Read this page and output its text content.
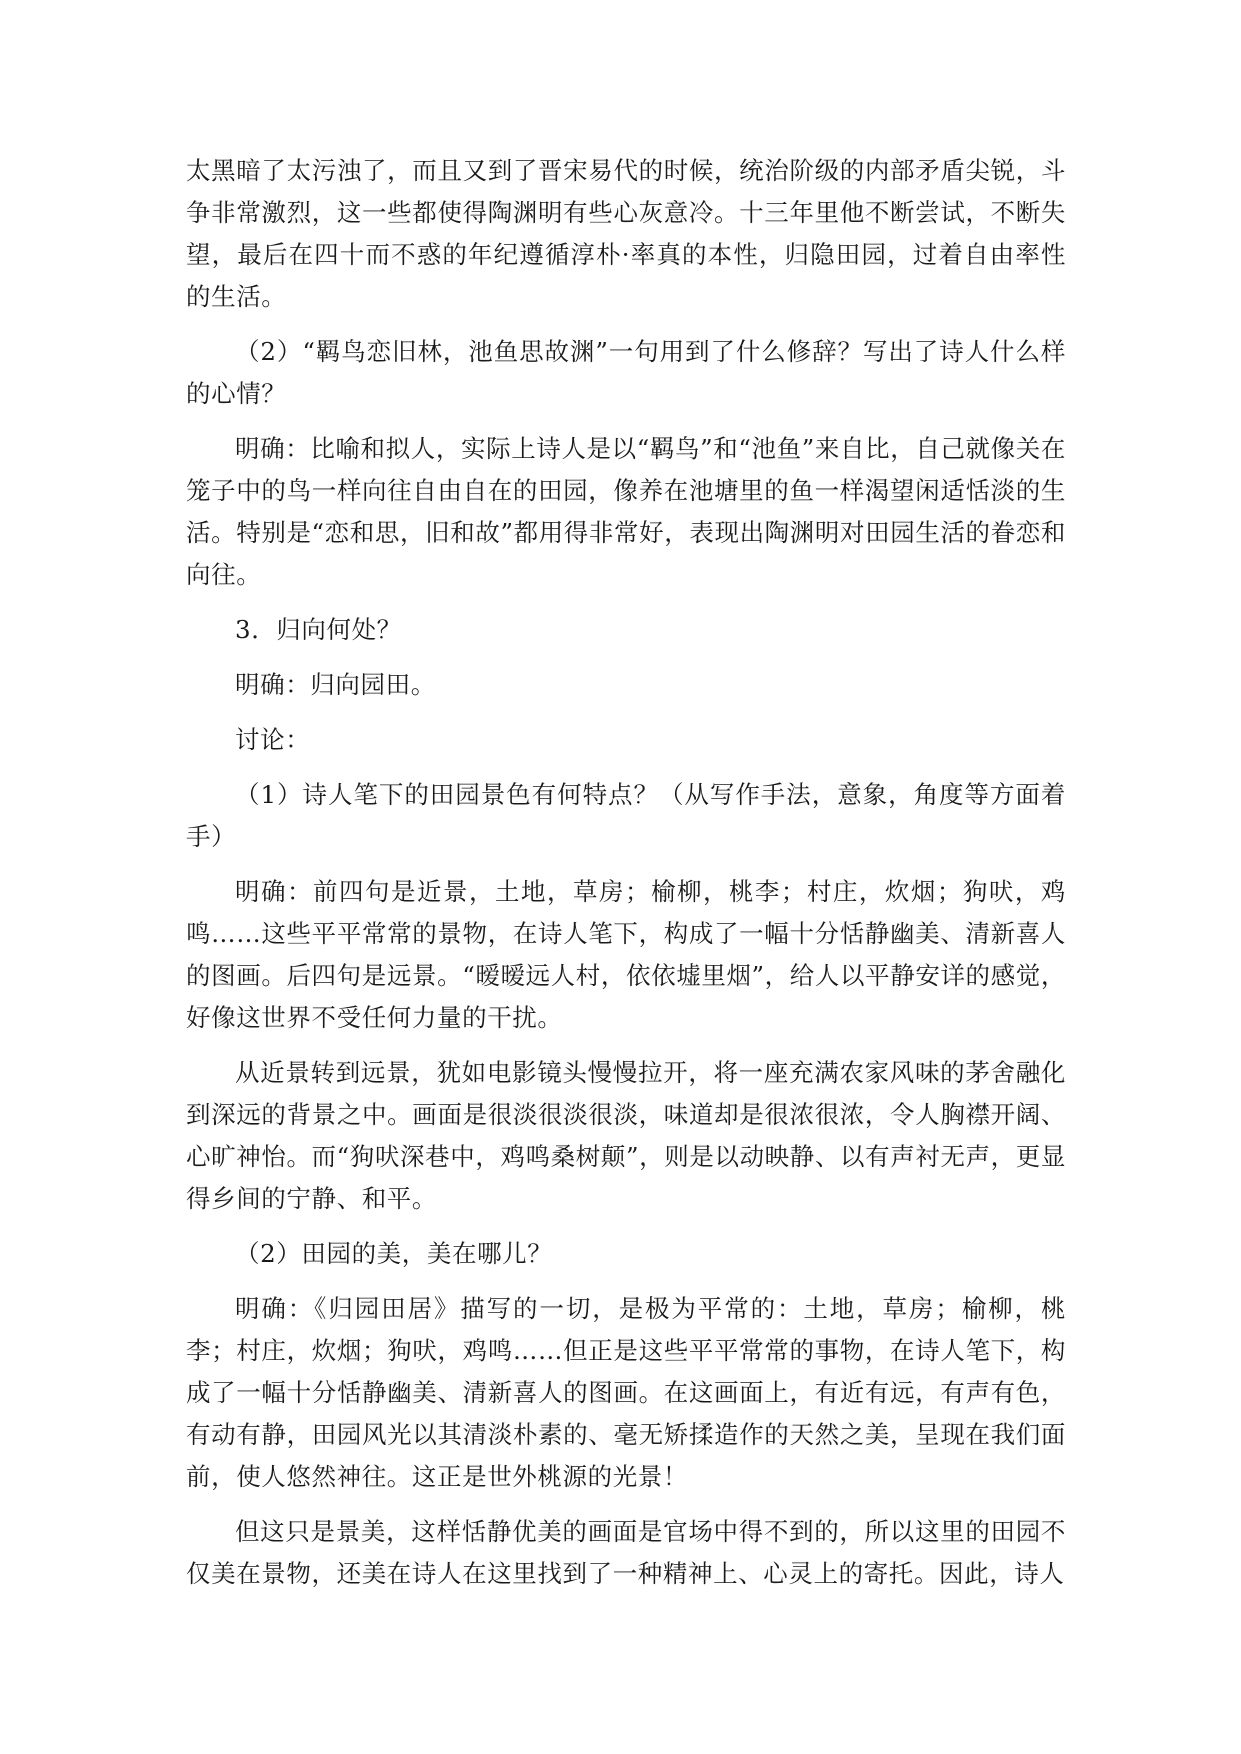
太黑暗了太污浊了，而且又到了晋宋易代的时候，统治阶级的内部矛盾尖锐，斗争非常激烈，这一些都使得陶渊明有些心灰意冷。十三年里他不断尝试，不断失望，最后在四十而不惑的年纪遵循淳朴·率真的本性，归隐田园，过着自由率性的生活。

（2）“羁鸟恋旧林，池鱼思故渊”一句用到了什么修辞？写出了诗人什么样的心情？

明确：比喻和拟人，实际上诗人是以“羁鸟”和“池鱼”来自比，自己就像关在笼子中的鸟一样向往自由自在的田园，像养在池塘里的鱼一样渴望闲适恬淡的生活。特别是“恋和思，旧和故”都用得非常好，表现出陶渊明对田园生活的眷恋和向往。

3．归向何处？

明确：归向园田。

讨论：

（1）诗人笔下的田园景色有何特点？（从写作手法，意象，角度等方面着手）

明确：前四句是近景，土地，草房；榆柳，桃李；村庄，炊烟；狗吠，鸡鸣……这些平平常常的景物，在诗人笔下，构成了一幅十分恬静幽美、清新喜人的图画。后四句是远景。“暧暧远人村，依依墟里烟”，给人以平静安详的感觉，好像这世界不受任何力量的干扰。

从近景转到远景，犹如电影镜头慢慢拉开，将一座充满农家风味的茅舍融化到深远的背景之中。画面是很淡很淡很淡，味道却是很浓很浓，令人胸襟开阔、心旷神怡。而“狗吠深巷中，鸡鸣桑树颠”，则是以动映静、以有声衬无声，更显得乡间的宁静、和平。

（2）田园的美，美在哪儿？

明确：《归园田居》描写的一切，是极为平常的：土地，草房；榆柳，桃李；村庄，炊烟；狗吠，鸡鸣……但正是这些平平常常的事物，在诗人笔下，构成了一幅十分恬静幽美、清新喜人的图画。在这画面上，有近有远，有声有色，有动有静，田园风光以其清淡朴素的、毫无矫揉造作的天然之美，呈现在我们面前，使人悠然神往。这正是世外桃源的光景！

但这只是景美，这样恬静优美的画面是官场中得不到的，所以这里的田园不仅美在景物，还美在诗人在这里找到了一种精神上、心灵上的寄托。因此，诗人
